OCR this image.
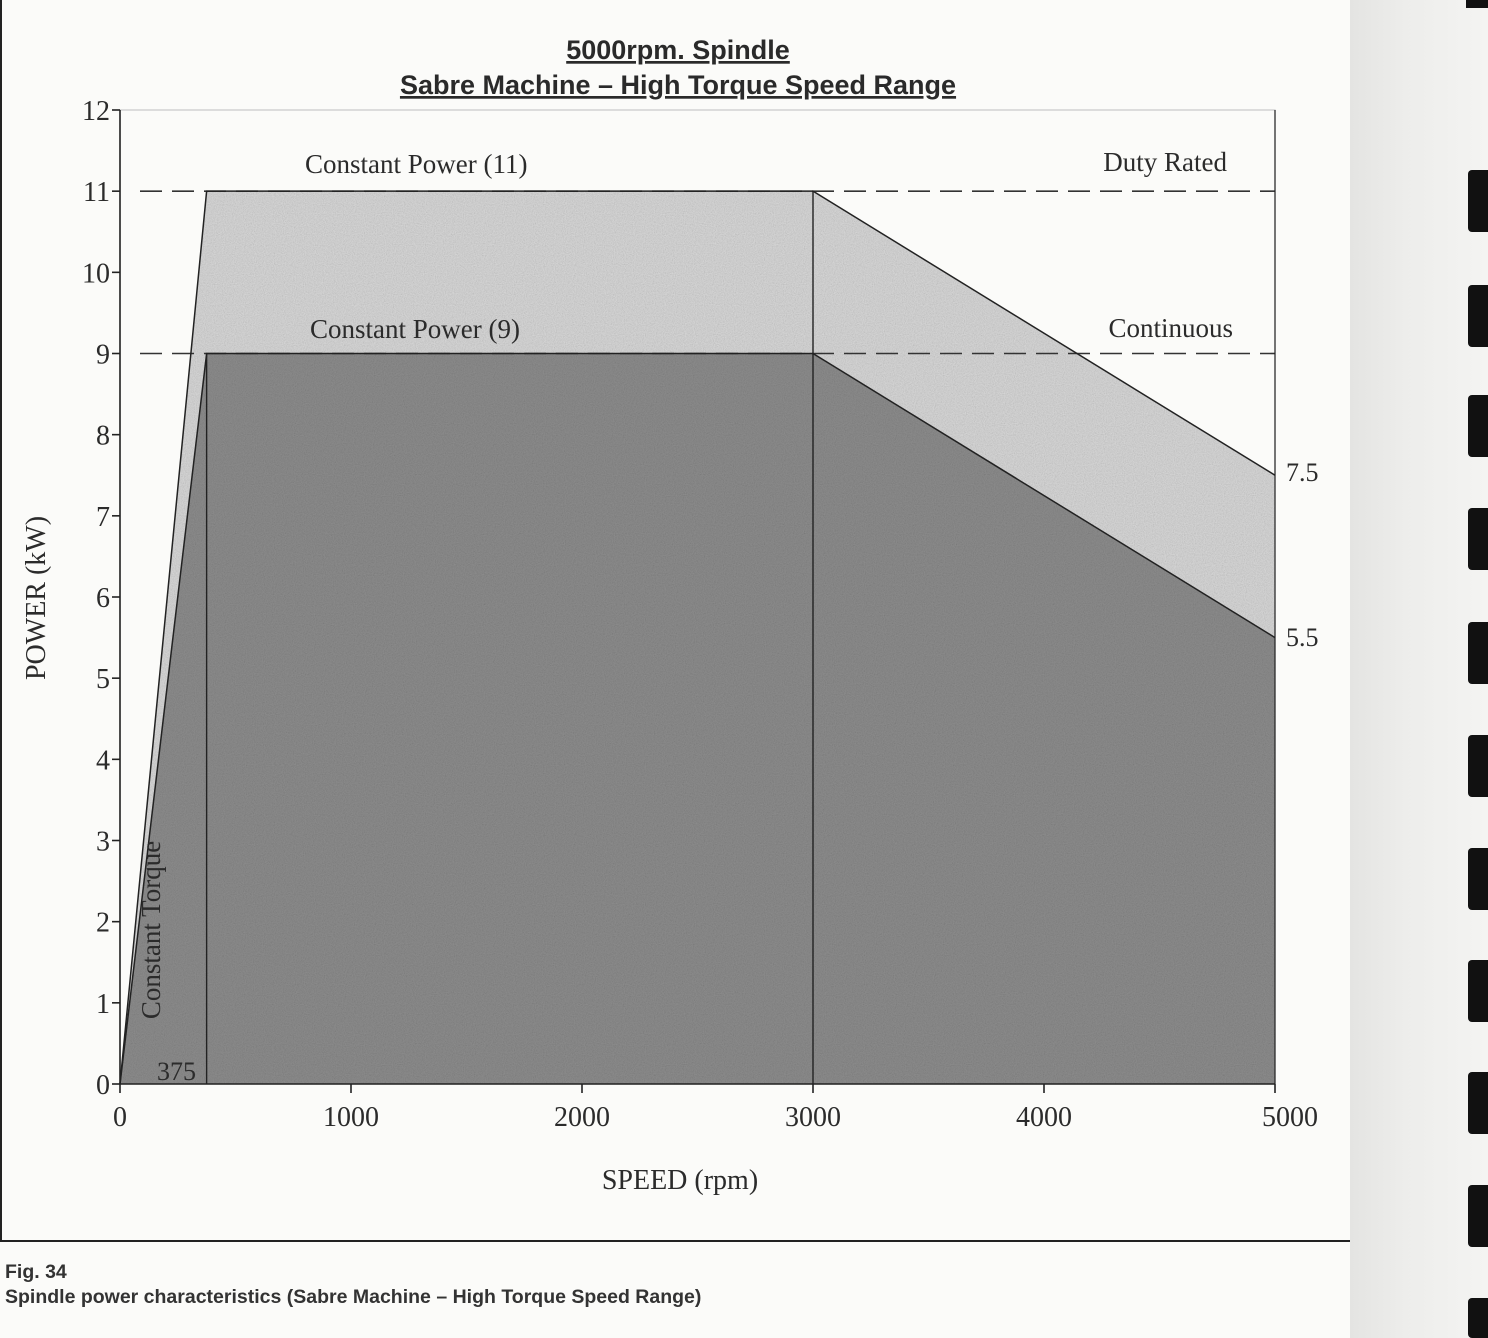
5000rpm. Spindle
Sabre Machine – High Torque Speed Range
0
1
2
3
4
5
6
7
8
9
10
11
12
0	1000	2000	3000	4000	5000
SPEED (rpm)
POWER (kW)
Constant Power (11)
Constant Power (9)
Duty Rated
Continuous
Constant Torque
375
7.5
5.5
Fig. 34
Spindle power characteristics (Sabre Machine – High Torque Speed Range)
